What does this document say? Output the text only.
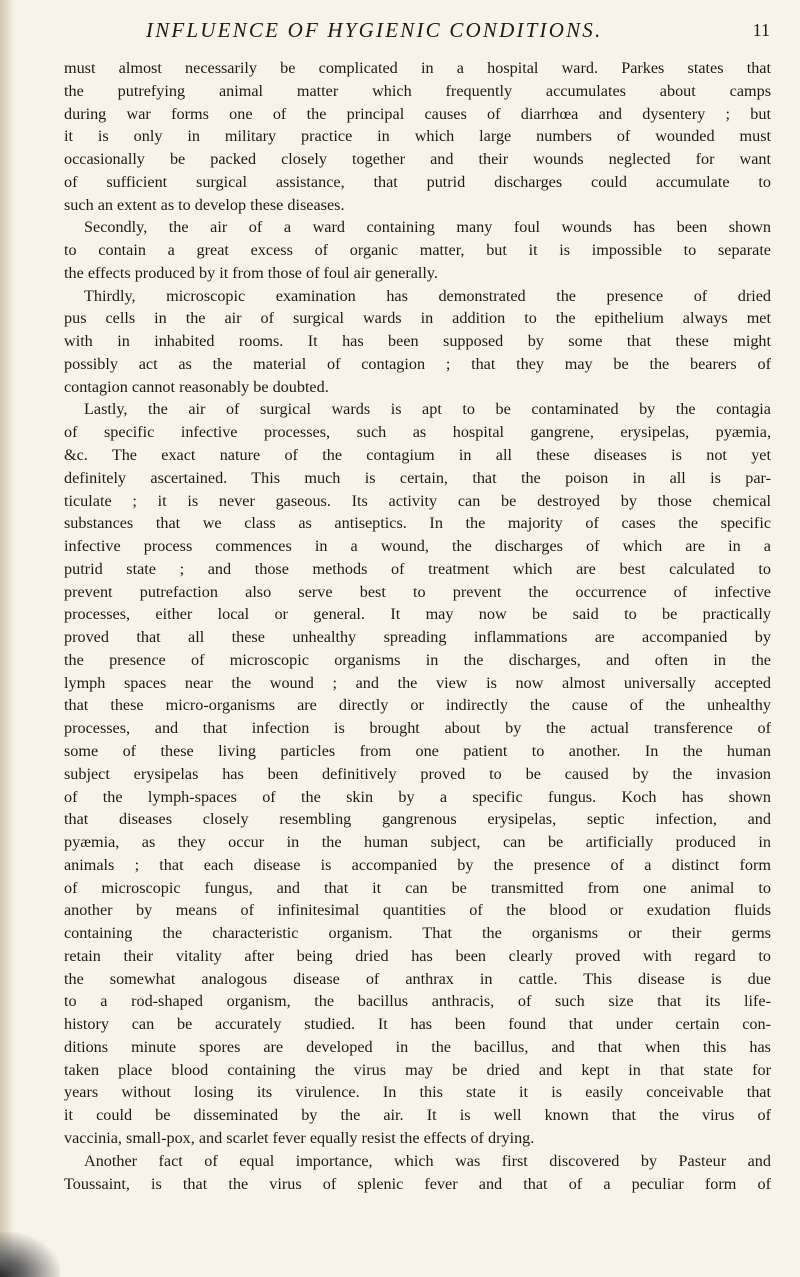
INFLUENCE OF HYGIENIC CONDITIONS.	11
must almost necessarily be complicated in a hospital ward. Parkes states that
the putrefying animal matter which frequently accumulates about camps
during war forms one of the principal causes of diarrhœa and dysentery ; but
it is only in military practice in which large numbers of wounded must
occasionally be packed closely together and their wounds neglected for want
of sufficient surgical assistance, that putrid discharges could accumulate to
such an extent as to develop these diseases.
Secondly, the air of a ward containing many foul wounds has been shown
to contain a great excess of organic matter, but it is impossible to separate
the effects produced by it from those of foul air generally.
Thirdly, microscopic examination has demonstrated the presence of dried
pus cells in the air of surgical wards in addition to the epithelium always met
with in inhabited rooms. It has been supposed by some that these might
possibly act as the material of contagion ; that they may be the bearers of
contagion cannot reasonably be doubted.
Lastly, the air of surgical wards is apt to be contaminated by the contagia
of specific infective processes, such as hospital gangrene, erysipelas, pyæmia,
&c. The exact nature of the contagium in all these diseases is not yet
definitely ascertained. This much is certain, that the poison in all is par-
ticulate ; it is never gaseous. Its activity can be destroyed by those chemical
substances that we class as antiseptics. In the majority of cases the specific
infective process commences in a wound, the discharges of which are in a
putrid state ; and those methods of treatment which are best calculated to
prevent putrefaction also serve best to prevent the occurrence of infective
processes, either local or general. It may now be said to be practically
proved that all these unhealthy spreading inflammations are accompanied by
the presence of microscopic organisms in the discharges, and often in the
lymph spaces near the wound ; and the view is now almost universally accepted
that these micro-organisms are directly or indirectly the cause of the unhealthy
processes, and that infection is brought about by the actual transference of
some of these living particles from one patient to another. In the human
subject erysipelas has been definitively proved to be caused by the invasion
of the lymph-spaces of the skin by a specific fungus. Koch has shown
that diseases closely resembling gangrenous erysipelas, septic infection, and
pyæmia, as they occur in the human subject, can be artificially produced in
animals ; that each disease is accompanied by the presence of a distinct form
of microscopic fungus, and that it can be transmitted from one animal to
another by means of infinitesimal quantities of the blood or exudation fluids
containing the characteristic organism. That the organisms or their germs
retain their vitality after being dried has been clearly proved with regard to
the somewhat analogous disease of anthrax in cattle. This disease is due
to a rod-shaped organism, the bacillus anthracis, of such size that its life-
history can be accurately studied. It has been found that under certain con-
ditions minute spores are developed in the bacillus, and that when this has
taken place blood containing the virus may be dried and kept in that state for
years without losing its virulence. In this state it is easily conceivable that
it could be disseminated by the air. It is well known that the virus of
vaccinia, small-pox, and scarlet fever equally resist the effects of drying.
Another fact of equal importance, which was first discovered by Pasteur and
Toussaint, is that the virus of splenic fever and that of a peculiar form of
